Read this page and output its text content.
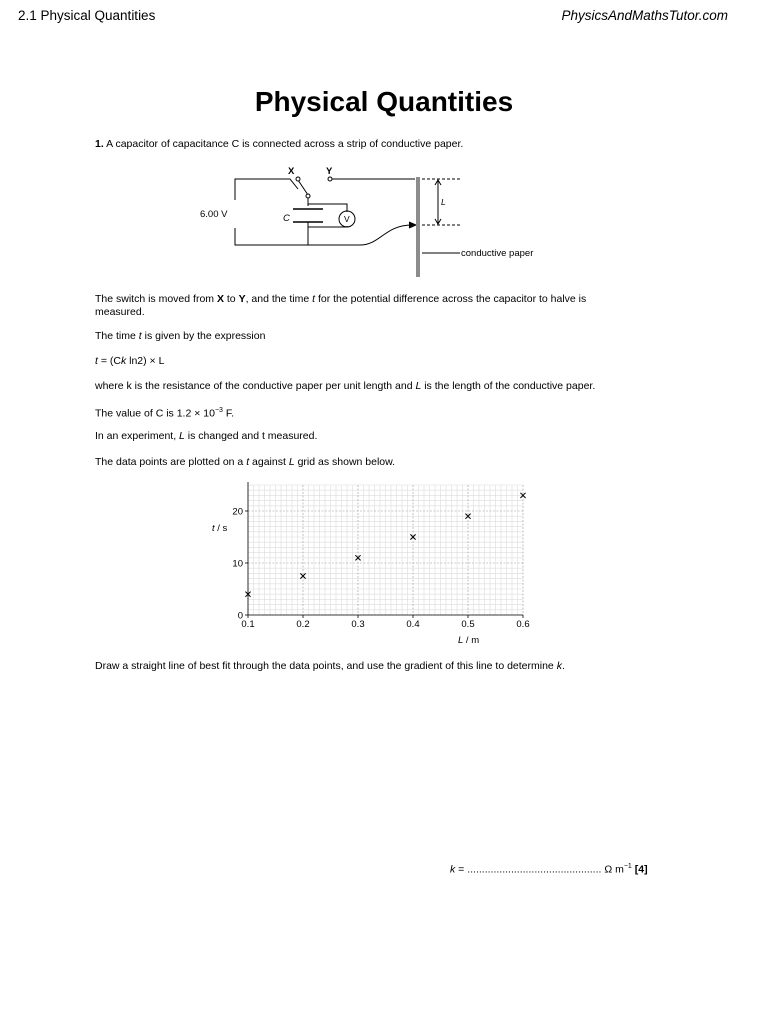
2.1 Physical Quantities	PhysicsAndMathsTutor.com
Physical Quantities
1. A capacitor of capacitance C is connected across a strip of conductive paper.
X	Y
6.00 V	C	V
L
conductive paper
The switch is moved from X to Y, and the time t for the potential difference across the capacitor to halve is
measured.
The time t is given by the expression
t = (Ck ln2) × L
where k is the resistance of the conductive paper per unit length and L is the length of the conductive paper.
The value of C is $1.2 \times 10^{-3}$ F.
In an experiment, L is changed and t measured.
The data points are plotted on a t against L grid as shown below.
0.1	0.2	0.3	0.4	0.5	0.6
0
10
20
t / s
L / m
Draw a straight line of best fit through the data points, and use the gradient of this line to determine k.
k = .............................................. Ω $m^{-1}$ [4]
